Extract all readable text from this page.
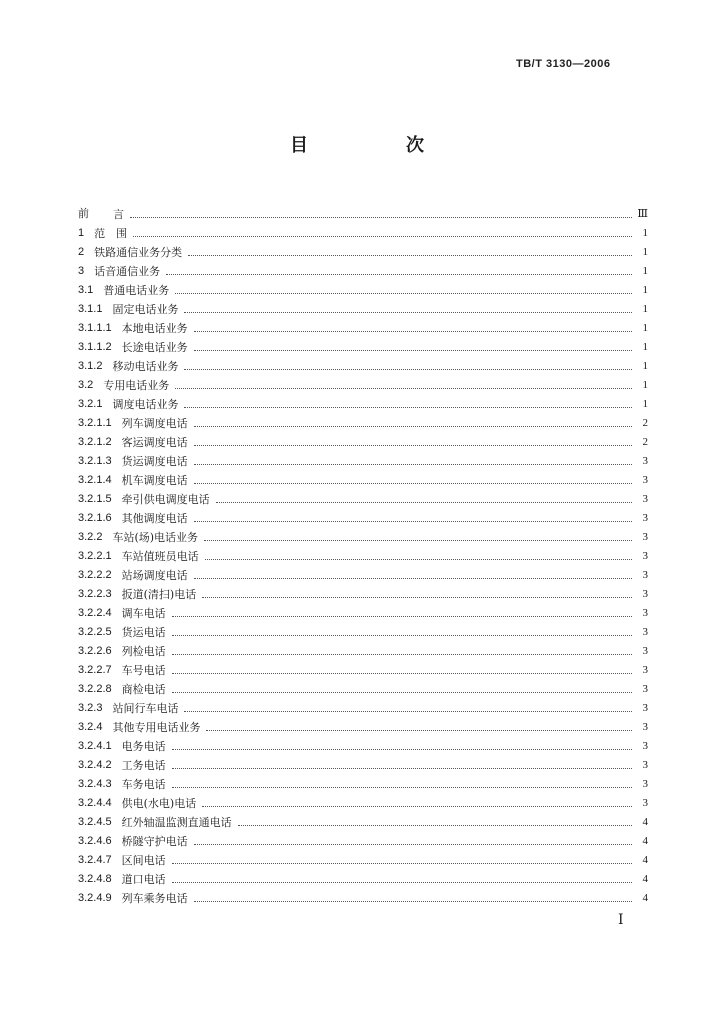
TB/T 3130—2006
目　次
前 言	Ⅲ
1 范　围	1
2 铁路通信业务分类	1
3 话音通信业务	1
3.1 普通电话业务	1
3.1.1 固定电话业务	1
3.1.1.1 本地电话业务	1
3.1.1.2 长途电话业务	1
3.1.2 移动电话业务	1
3.2 专用电话业务	1
3.2.1 调度电话业务	1
3.2.1.1 列车调度电话	2
3.2.1.2 客运调度电话	2
3.2.1.3 货运调度电话	3
3.2.1.4 机车调度电话	3
3.2.1.5 牵引供电调度电话	3
3.2.1.6 其他调度电话	3
3.2.2 车站(场)电话业务	3
3.2.2.1 车站值班员电话	3
3.2.2.2 站场调度电话	3
3.2.2.3 扳道(清扫)电话	3
3.2.2.4 调车电话	3
3.2.2.5 货运电话	3
3.2.2.6 列检电话	3
3.2.2.7 车号电话	3
3.2.2.8 商检电话	3
3.2.3 站间行车电话	3
3.2.4 其他专用电话业务	3
3.2.4.1 电务电话	3
3.2.4.2 工务电话	3
3.2.4.3 车务电话	3
3.2.4.4 供电(水电)电话	3
3.2.4.5 红外轴温监测直通电话	4
3.2.4.6 桥隧守护电话	4
3.2.4.7 区间电话	4
3.2.4.8 道口电话	4
3.2.4.9 列车乘务电话	4
Ⅰ
